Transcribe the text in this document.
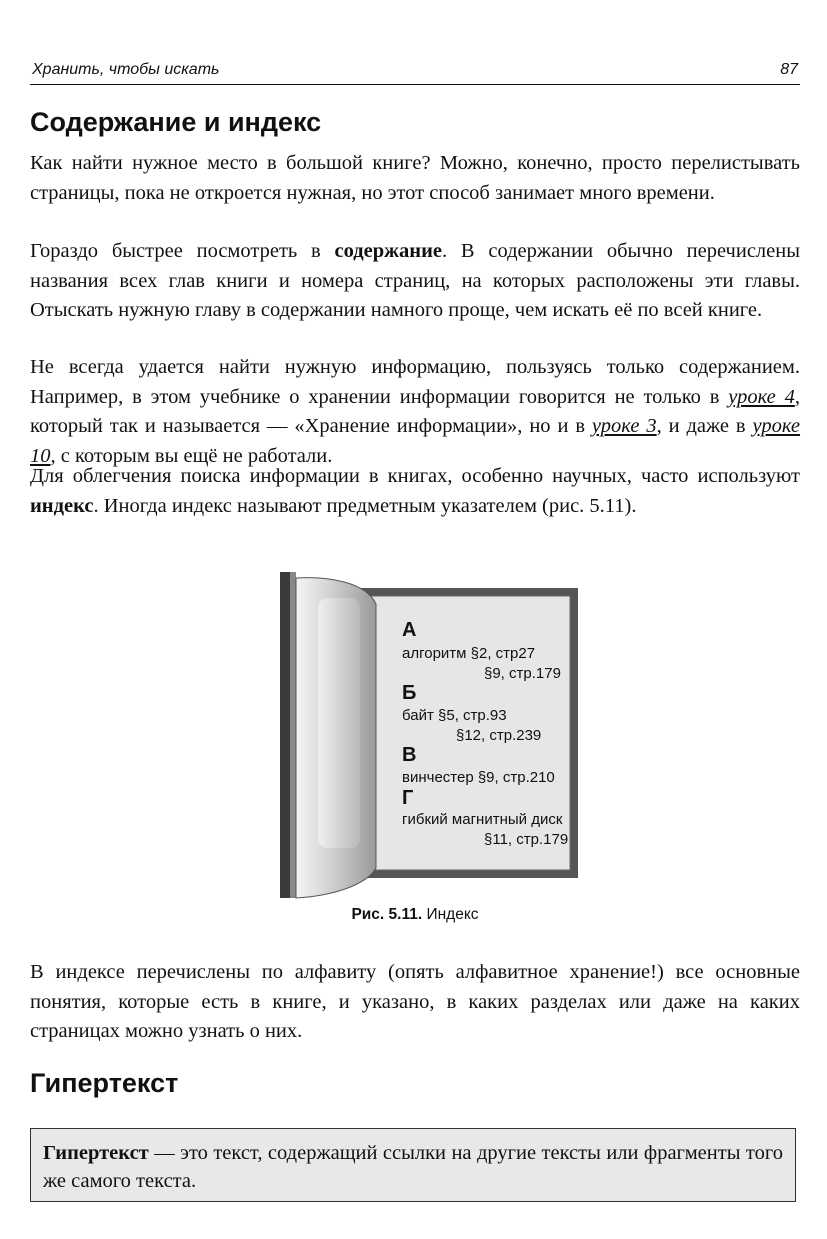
Хранить, чтобы искать	87
Содержание и индекс

Как найти нужное место в большой книге? Можно, конечно, просто перелистывать страницы, пока не откроется нужная, но этот способ занимает много времени.

Гораздо быстрее посмотреть в содержание. В содержании обычно перечислены названия всех глав книги и номера страниц, на которых расположены эти главы. Отыскать нужную главу в содержании намного проще, чем искать её по всей книге.

Не всегда удается найти нужную информацию, пользуясь только содержанием. Например, в этом учебнике о хранении информации говорится не только в уроке 4, который так и называется — «Хранение информации», но и в уроке 3, и даже в уроке 10, с которым вы ещё не работали.

Для облегчения поиска информации в книгах, особенно научных, часто используют индекс. Иногда индекс называют предметным указателем (рис. 5.11).

А
алгоритм §2, стр27
§9, стр.179
Б
байт §5, стр.93
§12, стр.239
В
винчестер §9, стр.210
Г
гибкий магнитный диск
§11, стр.179
Рис. 5.11. Индекс

В индексе перечислены по алфавиту (опять алфавитное хранение!) все основные понятия, которые есть в книге, и указано, в каких разделах или даже на каких страницах можно узнать о них.

Гипертекст
Гипертекст — это текст, содержащий ссылки на другие тексты или фрагменты того же самого текста.
